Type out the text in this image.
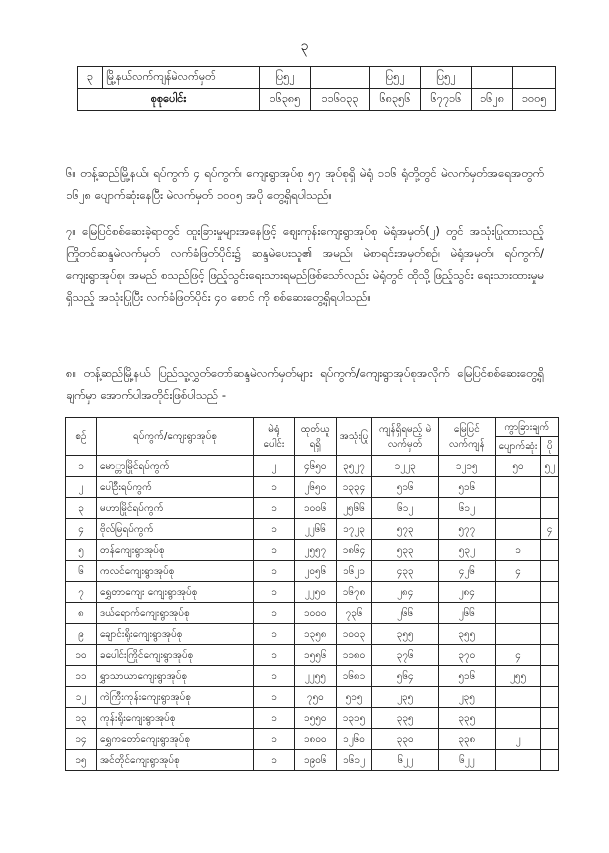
၃
၃	မြို့နယ်လက်ကျန်မဲလက်မှတ်	ပြ၅၂		ပြ၅၂	ပြ၅၂		
စုစုပေါင်း		၁၆၃၈၅	၁၁၆၀၃၃	၆၈၃၅၆	၆၇၇၁၆	၁၆၂၈	၁၀၀၅

၆။ တန့်ဆည်မြို့နယ်၊ ရပ်ကွက် ၄ ရပ်ကွက်၊ ကျေးရွာအုပ်စု ၅၇ အုပ်စုရှိ မဲရုံ ၁၁၆ ရုံတို့တွင် မဲလက်မှတ်အရေအတွက် ၁၆၂၈ ပျောက်ဆုံးနေပြီး မဲလက်မှတ် ၁၀၀၅ အပို တွေ့ရှိရပါသည်။

၇။ မြေပြင်စစ်ဆေးခဲ့ရာတွင် ထူးခြားမှုများအနေဖြင့် ဈေးကုန်းကျေးရွာအုပ်စု မဲရုံအမှတ်(၂) တွင် အသုံးပြုထားသည့် ကြိုတင်ဆန္ဒမဲလက်မှတ် လက်ခံဖြတ်ပိုင်း၌ ဆန္ဒမဲပေးသူ၏ အမည်၊ မဲစာရင်းအမှတ်စဉ်၊ မဲရုံအမှတ်၊ ရပ်ကွက်/ကျေးရွာအုပ်စု၊ အမည် စသည်ဖြင့် ဖြည့်သွင်းရေးသားရမည်ဖြစ်သော်လည်း မဲရုံတွင် ထိုသို့ ဖြည့်သွင်း ရေးသားထားမှုမရှိသည့် အသုံးပြုပြီး လက်ခံဖြတ်ပိုင်း ၄၀ စောင် ကို စစ်ဆေးတွေ့ရှိရပါသည်။

၈။ တန့်ဆည်မြို့နယ် ပြည်သူ့လွှတ်တော်ဆန္ဒမဲလက်မှတ်များ ရပ်ကွက်/ကျေးရွာအုပ်စုအလိုက် မြေပြင်စစ်ဆေးတွေ့ရှိချက်မှာ အောက်ပါအတိုင်းဖြစ်ပါသည် -

စဉ်	ရပ်ကွက်/ကျေးရွာအုပ်စု	မဲရုံ ပေါင်း	ထုတ်ယူရရှိ	အသုံးပြု	ကျန်ရှိရမည့် မဲလက်မှတ်	မြေပြင် လက်ကျန်	ကွာခြားချက်	
							ပျောက်ဆုံး	ပို
၁	မော္တာမြိုင်ရပ်ကွက်	၂	၄၆၅၀	၃၅၂၇	၁၂၂၃	၁၂၁၅	၅၀	၅၂
၂	ပေါဦးရပ်ကွက်	၁	၂၆၅၀	၁၃၃၄	၅၁၆	၅၁၆		
၃	မဟာမြိုင်ရပ်ကွက်	၁	၁၀၀၆	၂၅၆၆	၆၁၂	၆၁၂		
၄	ဗိုလ်မြရပ်ကွက်	၁	၂၂၆၆	၁၇၂၃	၅၇၃	၅၇၇		၄
၅	တန်ကျေးရွာအုပ်စု	၁	၂၅၅၇	၁၈၆၄	၅၃၃	၅၃၂	၁	
၆	ကလင်ကျေးရွာအုပ်စု	၁	၂၀၅၆	၁၆၂၁	၄၃၃	၄၂၆	၄	
၇	ရွှေတာကျေး ကျေးရွာအုပ်စု	၁	၂၂၅၀	၁၆၇၈	၂၈၄	၂၈၄		
၈	ဒယ်ရောက်ကျေးရွာအုပ်စု	၁	၁၀၀၀	၇၃၆	၂၆၆	၂၆၆		
၉	ချောင်းရိုးကျေးရွာအုပ်စု	၁	၁၃၅၈	၁၀၀၃	၃၅၅	၃၅၅		
၁၀	ခပေါင်းကြိုင်ကျေးရွာအုပ်စု	၁	၁၅၅၆	၁၁၈၀	၃၇၆	၃၇၀	၄	
၁၁	ရွှာသာယာကျေးရွာအုပ်စု	၁	၂၂၅၅	၁၆၈၁	၅၆၄	၅၁၆	၂၅၅	
၁၂	ကဲကြီးကုန်းကျေးရွာအုပ်စု	၁	၇၅၀	၅၁၅	၂၃၅	၂၃၅		
၁၃	ကုန်းရိုးကျေးရွာအုပ်စု	၁	၁၅၅၀	၁၃၁၅	၃၃၅	၃၃၅		
၁၄	ရွှေကတော်ကျေးရွာအုပ်စု	၁	၁၈၀၀	၁၂၆၀	၃၃၀	၃၃၈	၂	
၁၅	အင်တိုင်ကျေးရွာအုပ်စု	၁	၁၉၀၆	၁၆၁၂	၆၂၂	၆၂၂		
